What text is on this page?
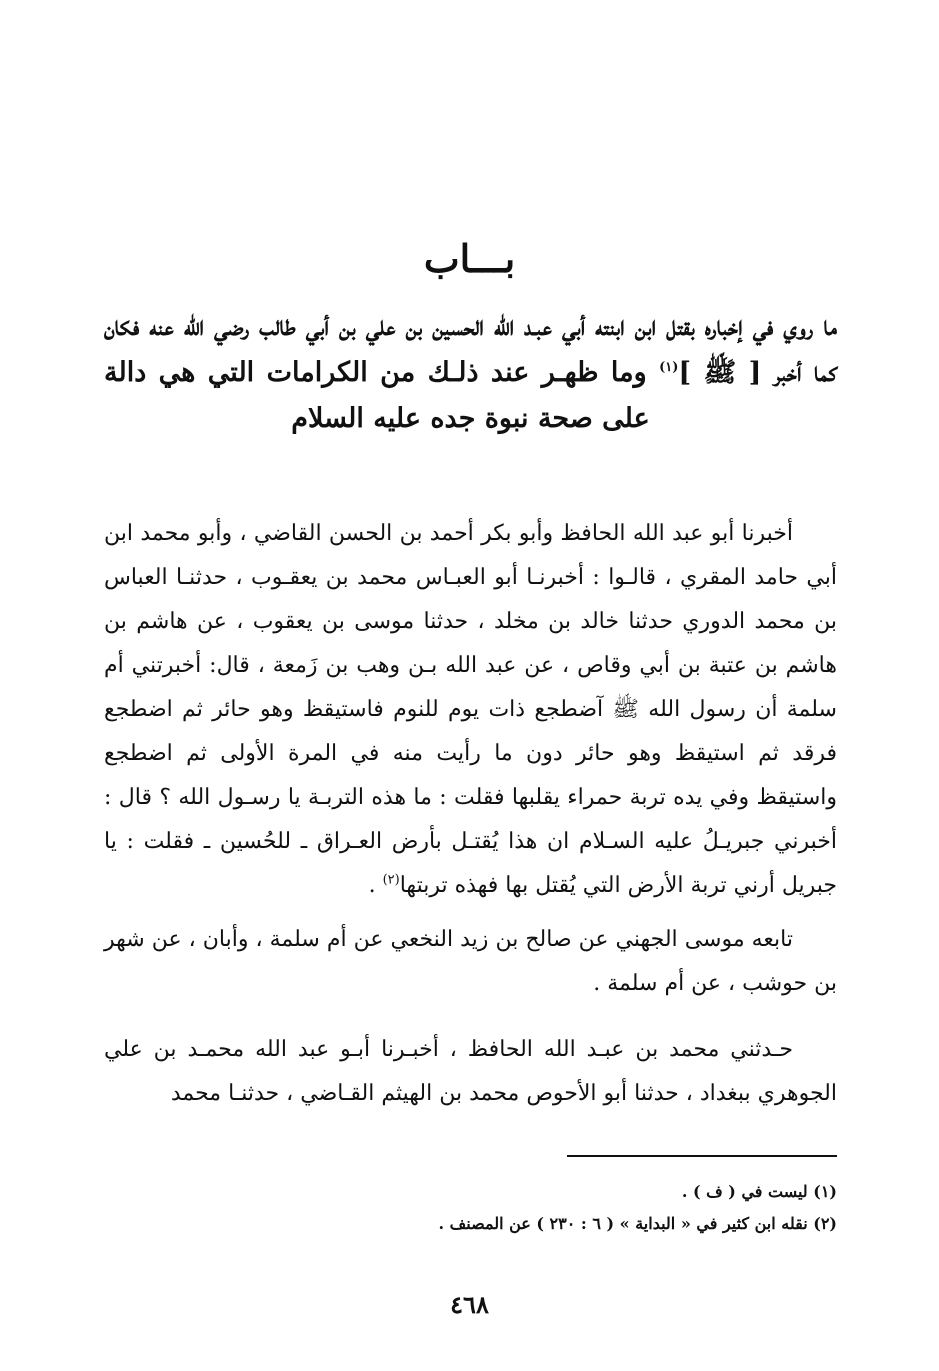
بـــاب
ما روي في إخباره بقتل ابن ابنته أبي عبـد الله الحسين بن علي بن أبي طالب رضي الله عنه فكان كما أخبر [ ﷺ ]$^{(١)}$ وما ظهـر عند ذلـك من الكرامات التي هي دالة على صحة نبوة جده عليه السلام

أخبرنا أبو عبد الله الحافظ وأبو بكر أحمد بن الحسن القاضي ، وأبو محمد ابن أبي حامد المقري ، قالـوا : أخبرنـا أبو العبـاس محمد بن يعقـوب ، حدثنـا العباس بن محمد الدوري حدثنا خالد بن مخلد ، حدثنا موسى بن يعقوب ، عن هاشم بن هاشم بن عتبة بن أبي وقاص ، عن عبد الله بـن وهب بن زَمعة ، قال: أخبرتني أم سلمة أن رسول الله ﷺ آضطجع ذات يوم للنوم فاستيقظ وهو حائر ثم اضطجع فرقد ثم استيقظ وهو حائر دون ما رأيت منه في المرة الأولى ثم اضطجع واستيقظ وفي يده تربة حمراء يقلبها فقلت : ما هذه التربـة يا رسـول الله ؟ قال : أخبرني جبريـلُ عليه السـلام ان هذا يُقتـل بأرض العـراق ـ للحُسين ـ فقلت : يا جبريل أرني تربة الأرض التي يُقتل بها فهذه تربتها$^{(٢)}$ .

تابعه موسى الجهني عن صالح بن زيد النخعي عن أم سلمة ، وأبان ، عن شهر بن حوشب ، عن أم سلمة .

حـدثني محمد بن عبـد الله الحافظ ، أخبـرنا أبـو عبد الله محمـد بن علي الجوهري ببغداد ، حدثنا أبو الأحوص محمد بن الهيثم القـاضي ، حدثنـا محمد

(١) ليست في ( ف ) .

(٢) نقله ابن كثير في « البداية » ( ٦ : ٢٣٠ ) عن المصنف .

٤٦٨
